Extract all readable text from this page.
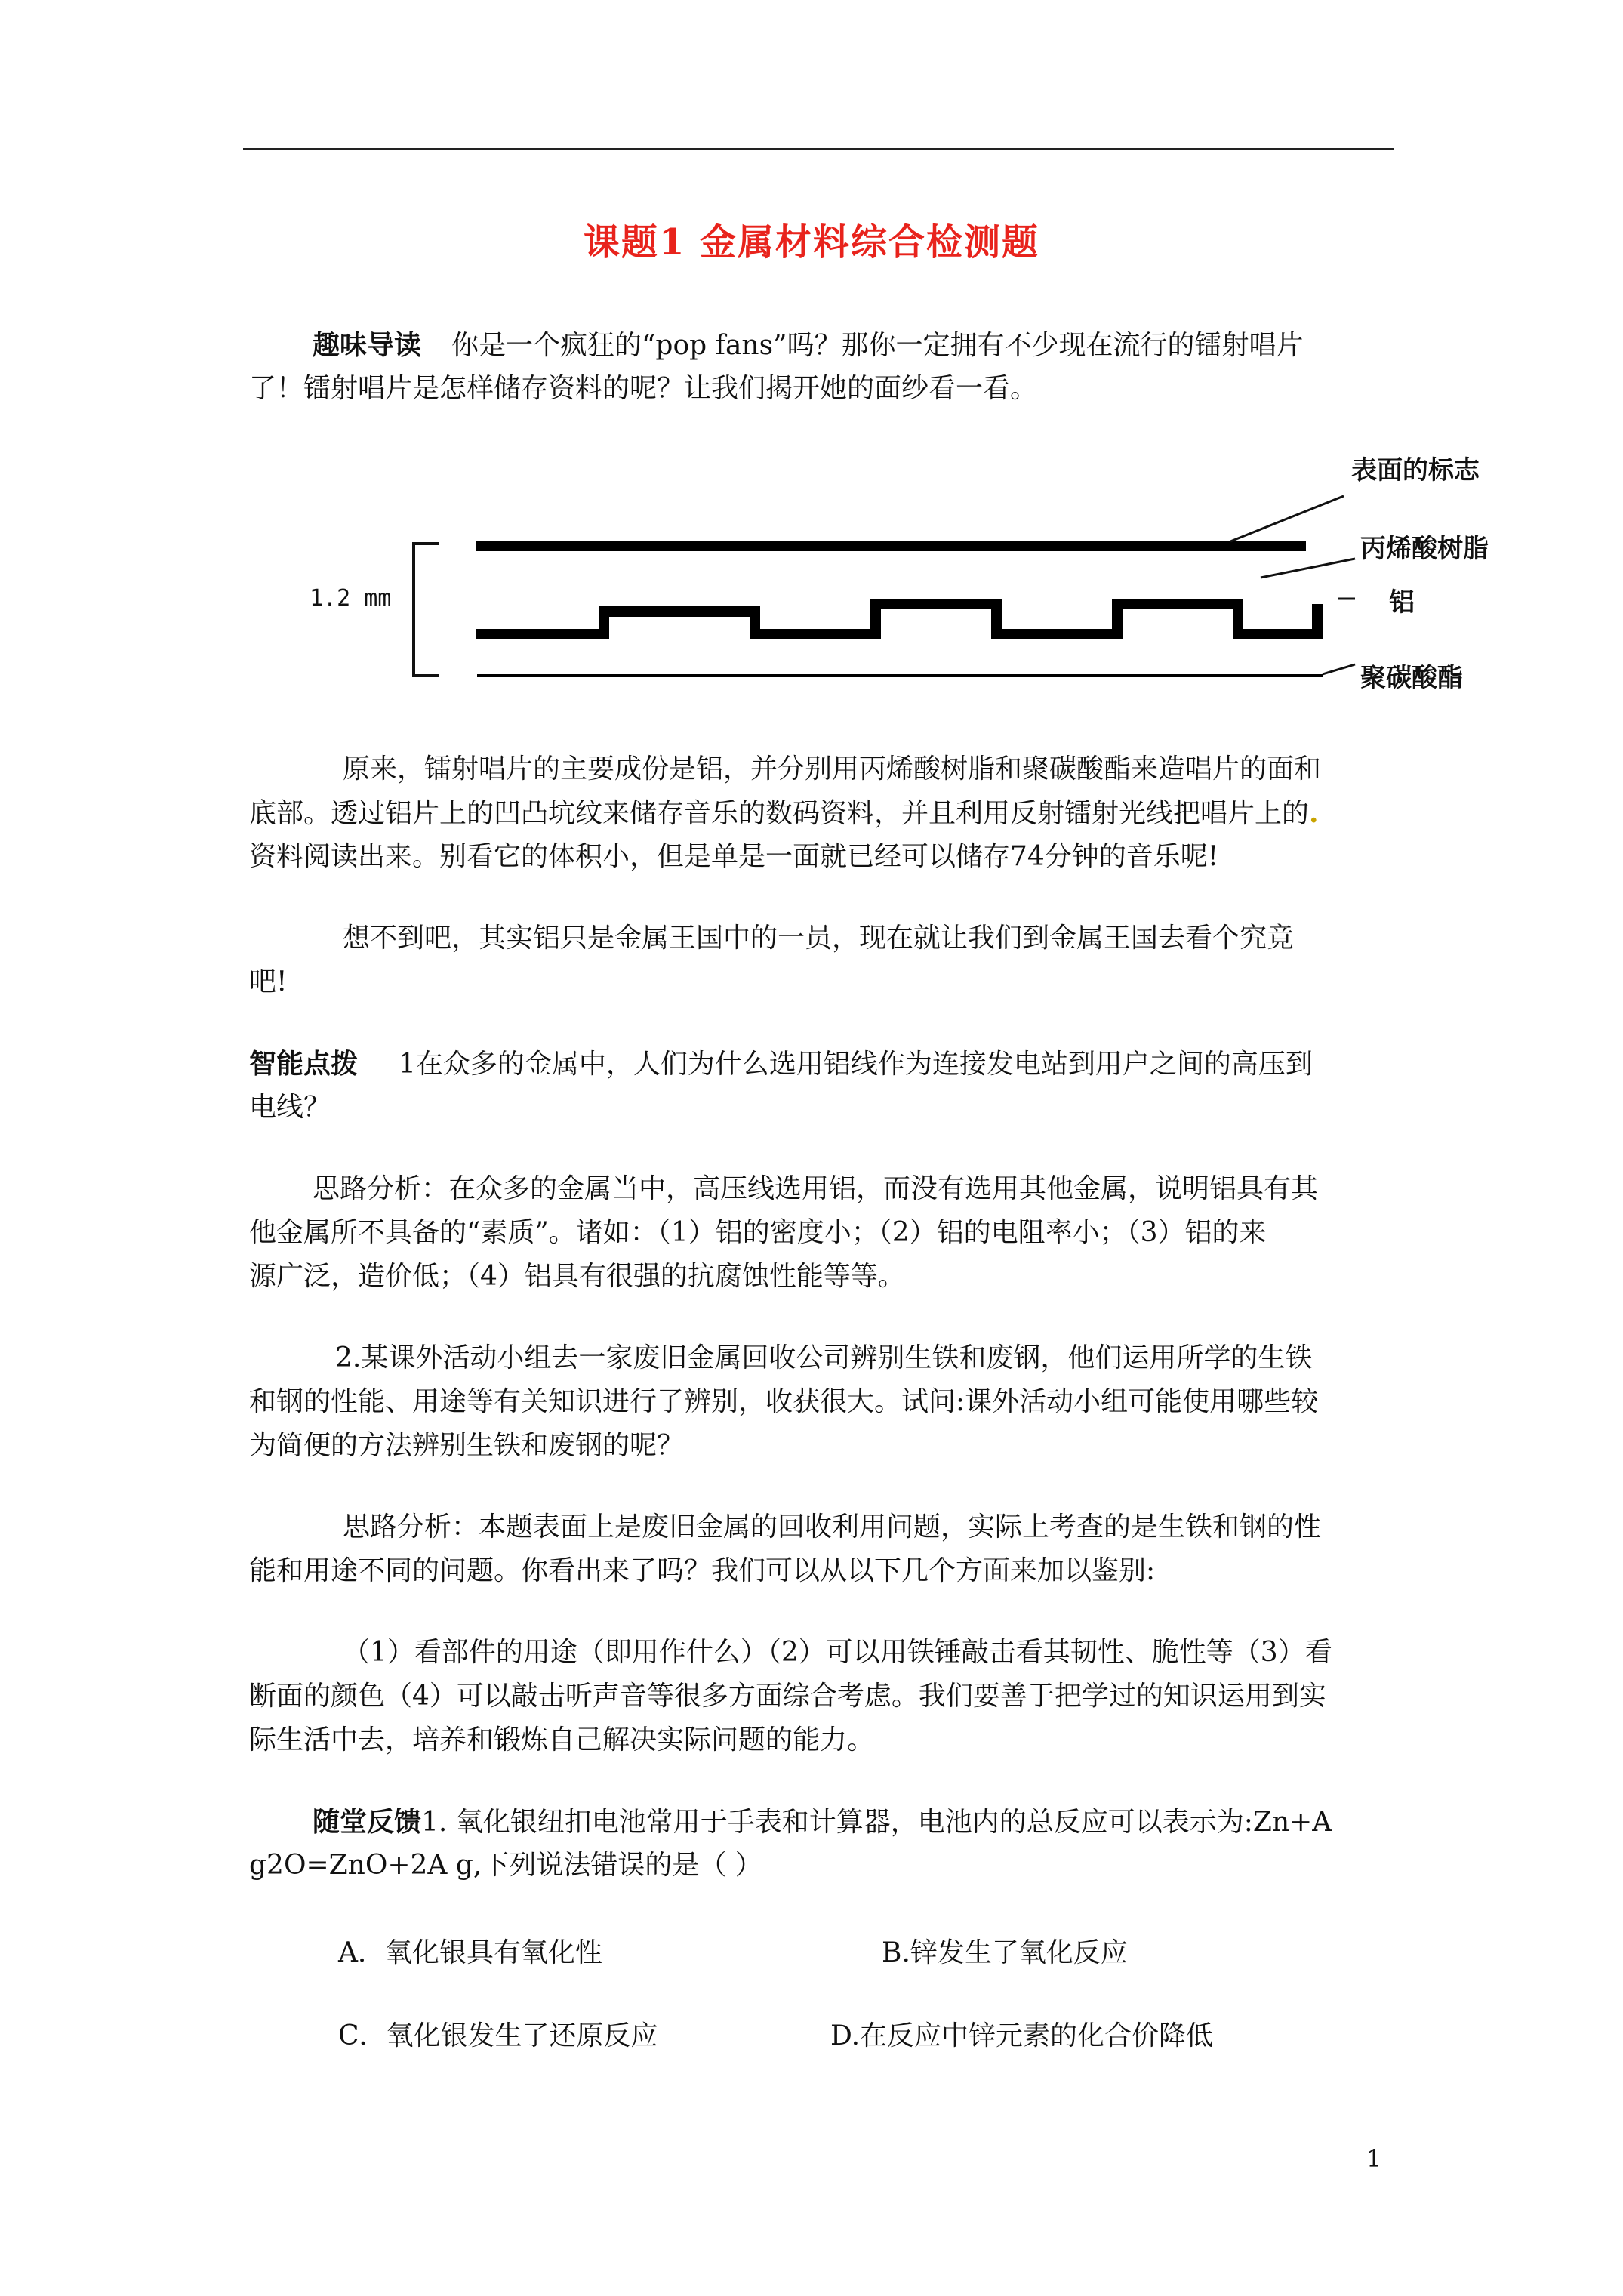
课题1 金属材料综合检测题

趣味导读 你是一个疯狂的“pop fans”吗？那你一定拥有不少现在流行的镭射唱片

了！镭射唱片是怎样储存资料的呢？让我们揭开她的面纱看一看。

1.2 mm
表面的标志
丙烯酸树脂
铝
聚碳酸酯

原来，镭射唱片的主要成份是铝，并分别用丙烯酸树脂和聚碳酸酯来造唱片的面和

底部。透过铝片上的凹凸坑纹来储存音乐的数码资料，并且利用反射镭射光线把唱片上的.

资料阅读出来。别看它的体积小，但是单是一面就已经可以储存74分钟的音乐呢!

想不到吧，其实铝只是金属王国中的一员，现在就让我们到金属王国去看个究竟

吧!

智能点拨 1在众多的金属中，人们为什么选用铝线作为连接发电站到用户之间的高压到

电线？

思路分析：在众多的金属当中，高压线选用铝，而没有选用其他金属，说明铝具有其

他金属所不具备的“素质”。诸如：（1）铝的密度小；（2）铝的电阻率小；（3）铝的来

源广泛，造价低；（4）铝具有很强的抗腐蚀性能等等。

2.某课外活动小组去一家废旧金属回收公司辨别生铁和废钢，他们运用所学的生铁

和钢的性能、用途等有关知识进行了辨别，收获很大。试问:课外活动小组可能使用哪些较

为简便的方法辨别生铁和废钢的呢？

思路分析：本题表面上是废旧金属的回收利用问题，实际上考查的是生铁和钢的性

能和用途不同的问题。你看出来了吗？我们可以从以下几个方面来加以鉴别:

（1）看部件的用途（即用作什么）（2）可以用铁锤敲击看其韧性、脆性等（3）看

断面的颜色（4）可以敲击听声音等很多方面综合考虑。我们要善于把学过的知识运用到实

际生活中去，培养和锻炼自己解决实际问题的能力。

随堂反馈1. 氧化银纽扣电池常用于手表和计算器，电池内的总反应可以表示为:Zn+A

g2O=ZnO+2A g,下列说法错误的是（ ）

A．氧化银具有氧化性	B.锌发生了氧化反应
C．氧化银发生了还原反应	D.在反应中锌元素的化合价降低
1
